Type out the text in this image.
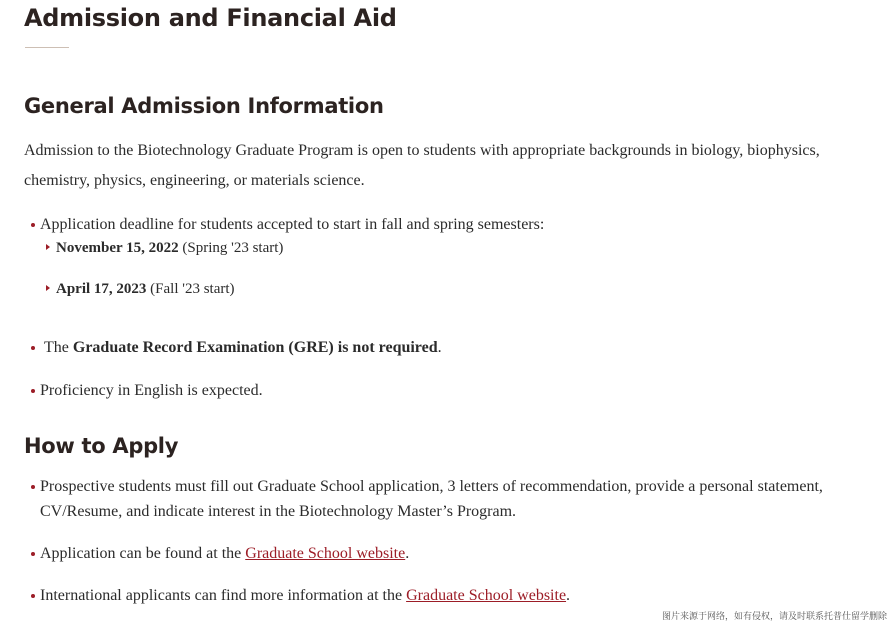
Admission and Financial Aid
General Admission Information

Admission to the Biotechnology Graduate Program is open to students with appropriate backgrounds in biology, biophysics, chemistry, physics, engineering, or materials science.

Application deadline for students accepted to start in fall and spring semesters:
November 15, 2022 (Spring '23 start)
April 17, 2023 (Fall '23 start)
The Graduate Record Examination (GRE) is not required.
Proficiency in English is expected.
How to Apply
Prospective students must fill out Graduate School application, 3 letters of recommendation, provide a personal statement, CV/Resume, and indicate interest in the Biotechnology Master’s Program.
Application can be found at the Graduate School website.
International applicants can find more information at the Graduate School website.
图片来源于网络，如有侵权，请及时联系托普仕留学删除
